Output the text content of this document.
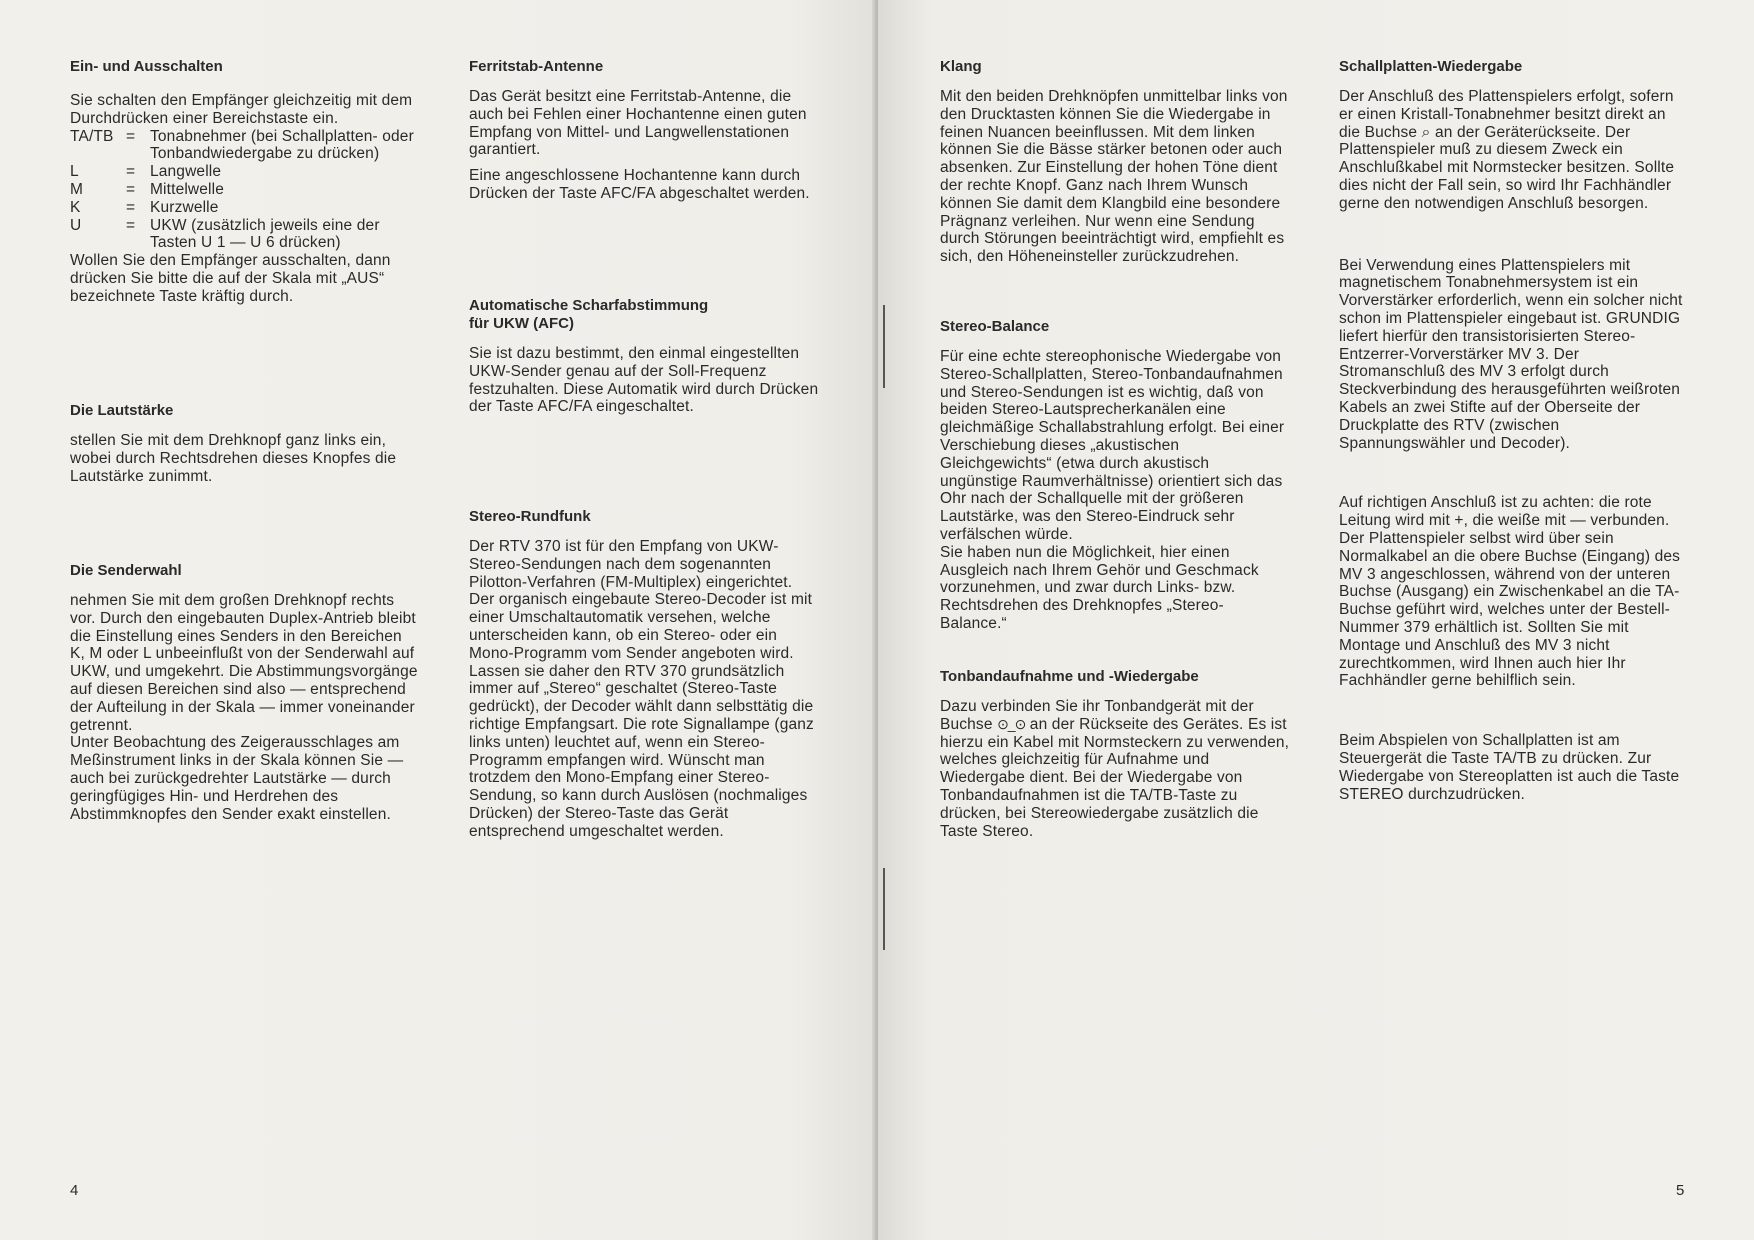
Ein- und Ausschalten
Sie schalten den Empfänger gleichzeitig mit dem Durchdrücken einer Bereichstaste ein.
TA/TB = Tonabnehmer (bei Schallplatten- oder Tonbandwiedergabe zu drücken)
L	= Langwelle
M	= Mittelwelle
K	= Kurzwelle
U	= UKW (zusätzlich jeweils eine der Tasten U 1 — U 6 drücken)
Wollen Sie den Empfänger ausschalten, dann drücken Sie bitte die auf der Skala mit „AUS“ bezeichnete Taste kräftig durch.
Die Lautstärke
stellen Sie mit dem Drehknopf ganz links ein, wobei durch Rechtsdrehen dieses Knopfes die Lautstärke zunimmt.
Die Senderwahl
nehmen Sie mit dem großen Drehknopf rechts vor. Durch den eingebauten Duplex-Antrieb bleibt die Einstellung eines Senders in den Bereichen K, M oder L unbeeinflußt von der Senderwahl auf UKW, und umgekehrt. Die Abstimmungsvorgänge auf diesen Bereichen sind also — entsprechend der Aufteilung in der Skala — immer voneinander getrennt.
Unter Beobachtung des Zeigerausschlages am Meßinstrument links in der Skala können Sie — auch bei zurückgedrehter Lautstärke — durch geringfügiges Hin- und Herdrehen des Abstimmknopfes den Sender exakt einstellen.
Ferritstab-Antenne

Das Gerät besitzt eine Ferritstab-Antenne, die auch bei Fehlen einer Hochantenne einen guten Empfang von Mittel- und Langwellenstationen garantiert.

Eine angeschlossene Hochantenne kann durch Drücken der Taste AFC/FA abgeschaltet werden.

Automatische Scharfabstimmung
für UKW (AFC)
Sie ist dazu bestimmt, den einmal eingestellten UKW-Sender genau auf der Soll-Frequenz festzuhalten. Diese Automatik wird durch Drücken der Taste AFC/FA eingeschaltet.
Stereo-Rundfunk
Der RTV 370 ist für den Empfang von UKW-Stereo-Sendungen nach dem sogenannten Pilotton-Verfahren (FM-Multiplex) eingerichtet. Der organisch eingebaute Stereo-Decoder ist mit einer Umschaltautomatik versehen, welche unterscheiden kann, ob ein Stereo- oder ein Mono-Programm vom Sender angeboten wird. Lassen sie daher den RTV 370 grundsätzlich immer auf „Stereo“ geschaltet (Stereo-Taste gedrückt), der Decoder wählt dann selbsttätig die richtige Empfangsart. Die rote Signallampe (ganz links unten) leuchtet auf, wenn ein Stereo-Programm empfangen wird. Wünscht man trotzdem den Mono-Empfang einer Stereo-Sendung, so kann durch Auslösen (nochmaliges Drücken) der Stereo-Taste das Gerät entsprechend umgeschaltet werden.
4
Klang
Mit den beiden Drehknöpfen unmittelbar links von den Drucktasten können Sie die Wiedergabe in feinen Nuancen beeinflussen. Mit dem linken können Sie die Bässe stärker betonen oder auch absenken. Zur Einstellung der hohen Töne dient der rechte Knopf. Ganz nach Ihrem Wunsch können Sie damit dem Klangbild eine besondere Prägnanz verleihen. Nur wenn eine Sendung durch Störungen beeinträchtigt wird, empfiehlt es sich, den Höheneinsteller zurückzudrehen.
Stereo-Balance
Für eine echte stereophonische Wiedergabe von Stereo-Schallplatten, Stereo-Tonbandaufnahmen und Stereo-Sendungen ist es wichtig, daß von beiden Stereo-Lautsprecherkanälen eine gleichmäßige Schallabstrahlung erfolgt. Bei einer Verschiebung dieses „akustischen Gleichgewichts“ (etwa durch akustisch ungünstige Raumverhältnisse) orientiert sich das Ohr nach der Schallquelle mit der größeren Lautstärke, was den Stereo-Eindruck sehr verfälschen würde.
Sie haben nun die Möglichkeit, hier einen Ausgleich nach Ihrem Gehör und Geschmack vorzunehmen, und zwar durch Links- bzw. Rechtsdrehen des Drehknopfes „Stereo-Balance.“
Tonbandaufnahme und -Wiedergabe
Dazu verbinden Sie ihr Tonbandgerät mit der Buchse ⊙_⊙ an der Rückseite des Gerätes. Es ist hierzu ein Kabel mit Normsteckern zu verwenden, welches gleichzeitig für Aufnahme und Wiedergabe dient. Bei der Wiedergabe von Tonbandaufnahmen ist die TA/TB-Taste zu drücken, bei Stereowiedergabe zusätzlich die Taste Stereo.
Schallplatten-Wiedergabe

Der Anschluß des Plattenspielers erfolgt, sofern er einen Kristall-Tonabnehmer besitzt direkt an die Buchse ⌕ an der Geräterückseite. Der Plattenspieler muß zu diesem Zweck ein Anschlußkabel mit Normstecker besitzen. Sollte dies nicht der Fall sein, so wird Ihr Fachhändler gerne den notwendigen Anschluß besorgen.

Bei Verwendung eines Plattenspielers mit magnetischem Tonabnehmersystem ist ein Vorverstärker erforderlich, wenn ein solcher nicht schon im Plattenspieler eingebaut ist. GRUNDIG liefert hierfür den transistorisierten Stereo-Entzerrer-Vorverstärker MV 3. Der Stromanschluß des MV 3 erfolgt durch Steckverbindung des herausgeführten weißroten Kabels an zwei Stifte auf der Oberseite der Druckplatte des RTV (zwischen Spannungswähler und Decoder).

Auf richtigen Anschluß ist zu achten: die rote Leitung wird mit +, die weiße mit — verbunden. Der Plattenspieler selbst wird über sein Normalkabel an die obere Buchse (Eingang) des MV 3 angeschlossen, während von der unteren Buchse (Ausgang) ein Zwischenkabel an die TA-Buchse geführt wird, welches unter der Bestell-Nummer 379 erhältlich ist. Sollten Sie mit Montage und Anschluß des MV 3 nicht zurechtkommen, wird Ihnen auch hier Ihr Fachhändler gerne behilflich sein.

Beim Abspielen von Schallplatten ist am Steuergerät die Taste TA/TB zu drücken. Zur Wiedergabe von Stereoplatten ist auch die Taste STEREO durchzudrücken.

5
